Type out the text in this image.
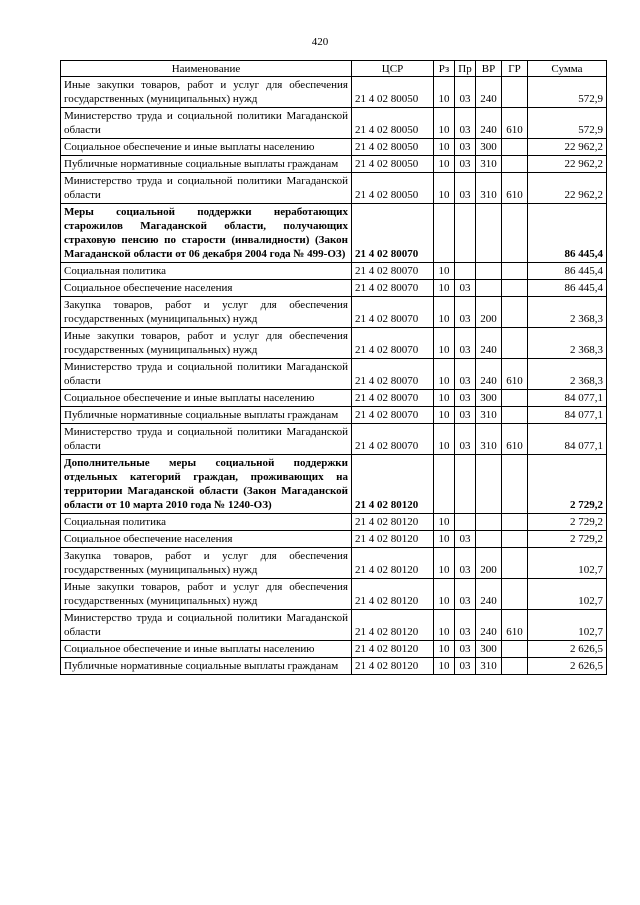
420
Наименование	ЦСР	Рз	Пр	ВР	ГР	Сумма
Иные закупки товаров, работ и услуг для обеспечения государственных (муниципальных) нужд	21 4 02 80050	10	03	240		572,9
Министерство труда и социальной политики Магаданской области	21 4 02 80050	10	03	240	610	572,9
Социальное обеспечение и иные выплаты населению	21 4 02 80050	10	03	300		22 962,2
Публичные нормативные социальные выплаты гражданам	21 4 02 80050	10	03	310		22 962,2
Министерство труда и социальной политики Магаданской области	21 4 02 80050	10	03	310	610	22 962,2
Меры социальной поддержки неработающих старожилов Магаданской области, получающих страховую пенсию по старости (инвалидности) (Закон Магаданской области от 06 декабря 2004 года № 499-ОЗ)	21 4 02 80070					86 445,4
Социальная политика	21 4 02 80070	10				86 445,4
Социальное обеспечение населения	21 4 02 80070	10	03			86 445,4
Закупка товаров, работ и услуг для обеспечения государственных (муниципальных) нужд	21 4 02 80070	10	03	200		2 368,3
Иные закупки товаров, работ и услуг для обеспечения государственных (муниципальных) нужд	21 4 02 80070	10	03	240		2 368,3
Министерство труда и социальной политики Магаданской области	21 4 02 80070	10	03	240	610	2 368,3
Социальное обеспечение и иные выплаты населению	21 4 02 80070	10	03	300		84 077,1
Публичные нормативные социальные выплаты гражданам	21 4 02 80070	10	03	310		84 077,1
Министерство труда и социальной политики Магаданской области	21 4 02 80070	10	03	310	610	84 077,1
Дополнительные меры социальной поддержки отдельных категорий граждан, проживающих на территории Магаданской области (Закон Магаданской области от 10 марта 2010 года № 1240-ОЗ)	21 4 02 80120					2 729,2
Социальная политика	21 4 02 80120	10				2 729,2
Социальное обеспечение населения	21 4 02 80120	10	03			2 729,2
Закупка товаров, работ и услуг для обеспечения государственных (муниципальных) нужд	21 4 02 80120	10	03	200		102,7
Иные закупки товаров, работ и услуг для обеспечения государственных (муниципальных) нужд	21 4 02 80120	10	03	240		102,7
Министерство труда и социальной политики Магаданской области	21 4 02 80120	10	03	240	610	102,7
Социальное обеспечение и иные выплаты населению	21 4 02 80120	10	03	300		2 626,5
Публичные нормативные социальные выплаты гражданам	21 4 02 80120	10	03	310		2 626,5
